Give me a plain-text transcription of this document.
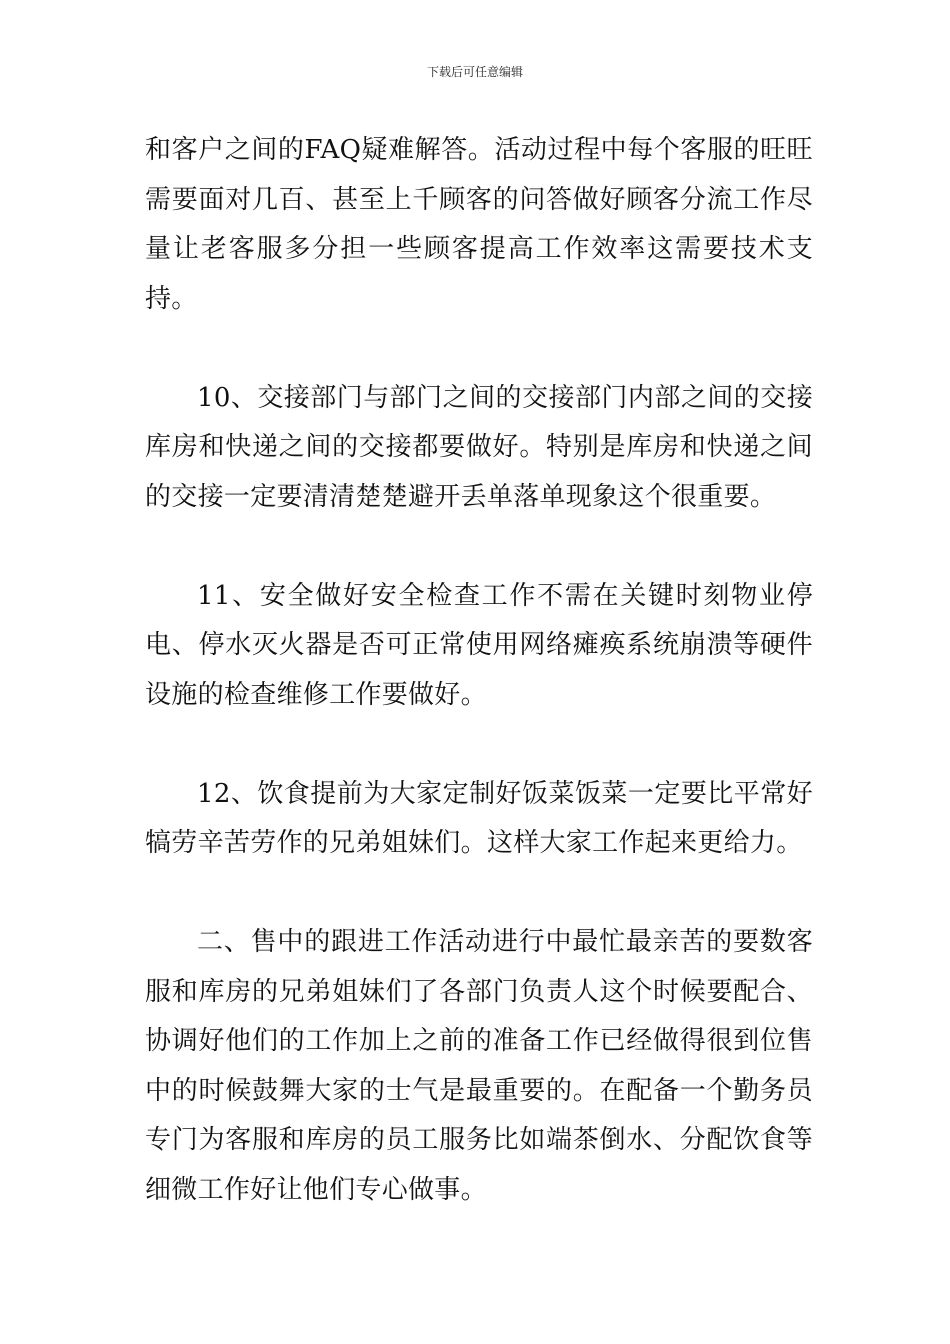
下载后可任意编辑

和客户之间的FAQ疑难解答。活动过程中每个客服的旺旺需要面对几百、甚至上千顾客的问答做好顾客分流工作尽量让老客服多分担一些顾客提高工作效率这需要技术支持。

10、交接部门与部门之间的交接部门内部之间的交接库房和快递之间的交接都要做好。特别是库房和快递之间的交接一定要清清楚楚避开丢单落单现象这个很重要。

11、安全做好安全检查工作不需在关键时刻物业停电、停水灭火器是否可正常使用网络瘫痪系统崩溃等硬件设施的检查维修工作要做好。

12、饮食提前为大家定制好饭菜饭菜一定要比平常好犒劳辛苦劳作的兄弟姐妹们。这样大家工作起来更给力。

二、售中的跟进工作活动进行中最忙最亲苦的要数客服和库房的兄弟姐妹们了各部门负责人这个时候要配合、协调好他们的工作加上之前的准备工作已经做得很到位售中的时候鼓舞大家的士气是最重要的。在配备一个勤务员专门为客服和库房的员工服务比如端茶倒水、分配饮食等细微工作好让他们专心做事。
